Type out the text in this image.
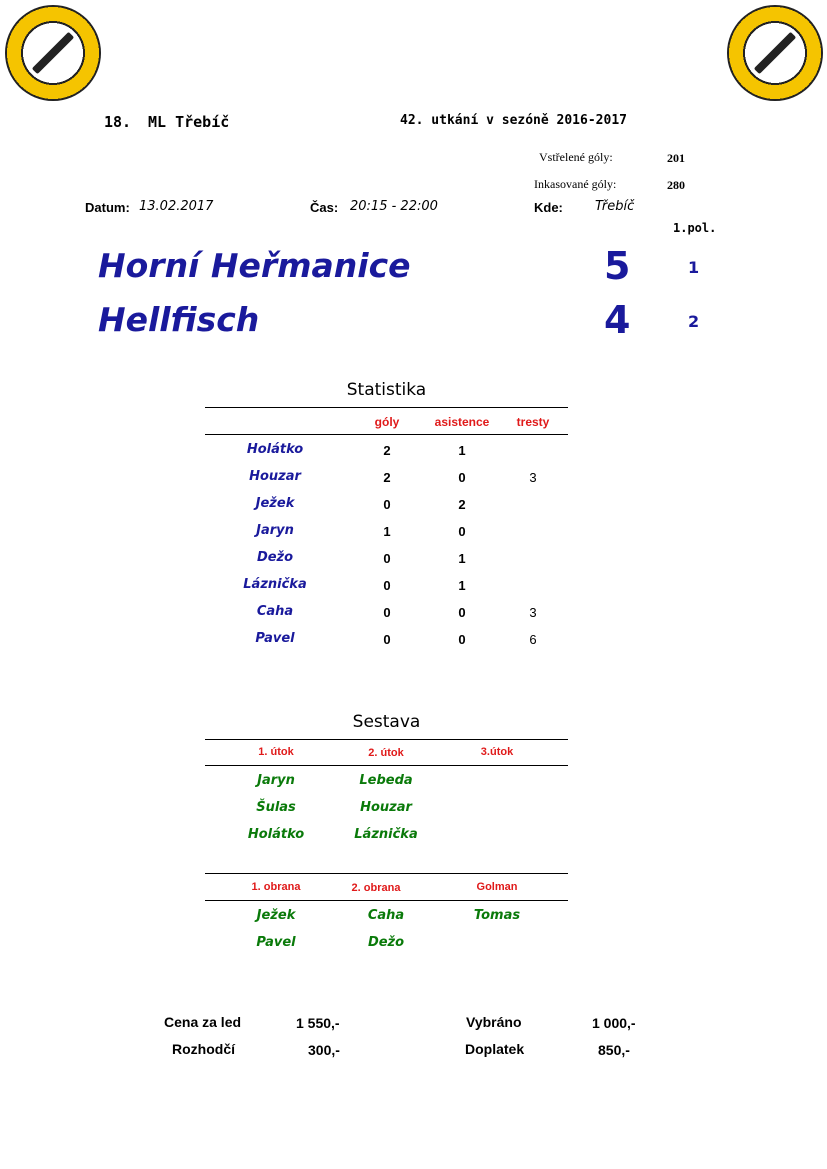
18. ML Třebíč	42. utkání v sezóně 2016-2017
Vstřelené góly:	201
Inkasované góly:	280
Datum: 13.02.2017	Čas: 20:15 - 22:00	Kde: Třebíč
1.pol.
Horní Heřmanice	5	1
Hellfisch	4	2
Statistika
góly	asistence	tresty
Holátko	2	1
Houzar	2	0	3
Ježek	0	2
Jaryn	1	0
Dežo	0	1
Láznička	0	1
Caha	0	0	3
Pavel	0	0	6
Sestava
1. útok	2. útok	3.útok
Jaryn	Lebeda
Šulas	Houzar
Holátko	Láznička
1. obrana	2. obrana	Golman
Ježek	Caha	Tomas
Pavel	Dežo
Cena za led	1 550,-
Rozhodčí	300,-
Vybráno	1 000,-
Doplatek	850,-
